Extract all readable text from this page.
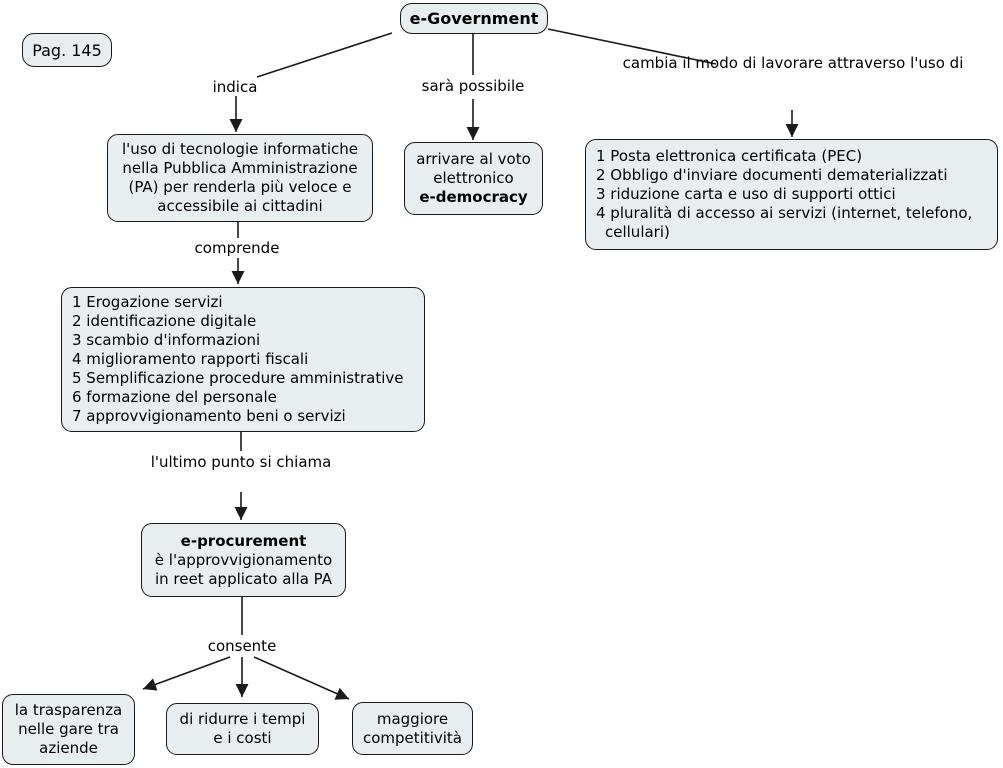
e-Government
Pag. 145
indica	sarà possibile
cambia il modo di lavorare attraverso l'uso di
comprende
l'ultimo punto si chiama
consente
l'uso di tecnologie informatiche
nella Pubblica Amministrazione
(PA) per renderla più veloce e
accessibile ai cittadini
arrivare al voto
elettronico
e-democracy
1 Posta elettronica certificata (PEC)
2 Obbligo d'inviare documenti dematerializzati
3 riduzione carta e uso di supporti ottici
4 pluralità di accesso ai servizi (internet, telefono, cellulari)
1 Erogazione servizi
2 identificazione digitale
3 scambio d'informazioni
4 miglioramento rapporti fiscali
5 Semplificazione procedure amministrative
6 formazione del personale
7 approvvigionamento beni o servizi
e-procurement
è l'approvvigionamento
in reet applicato alla PA
la trasparenza
nelle gare tra
aziende
di ridurre i tempi
e i costi
maggiore
competitività
